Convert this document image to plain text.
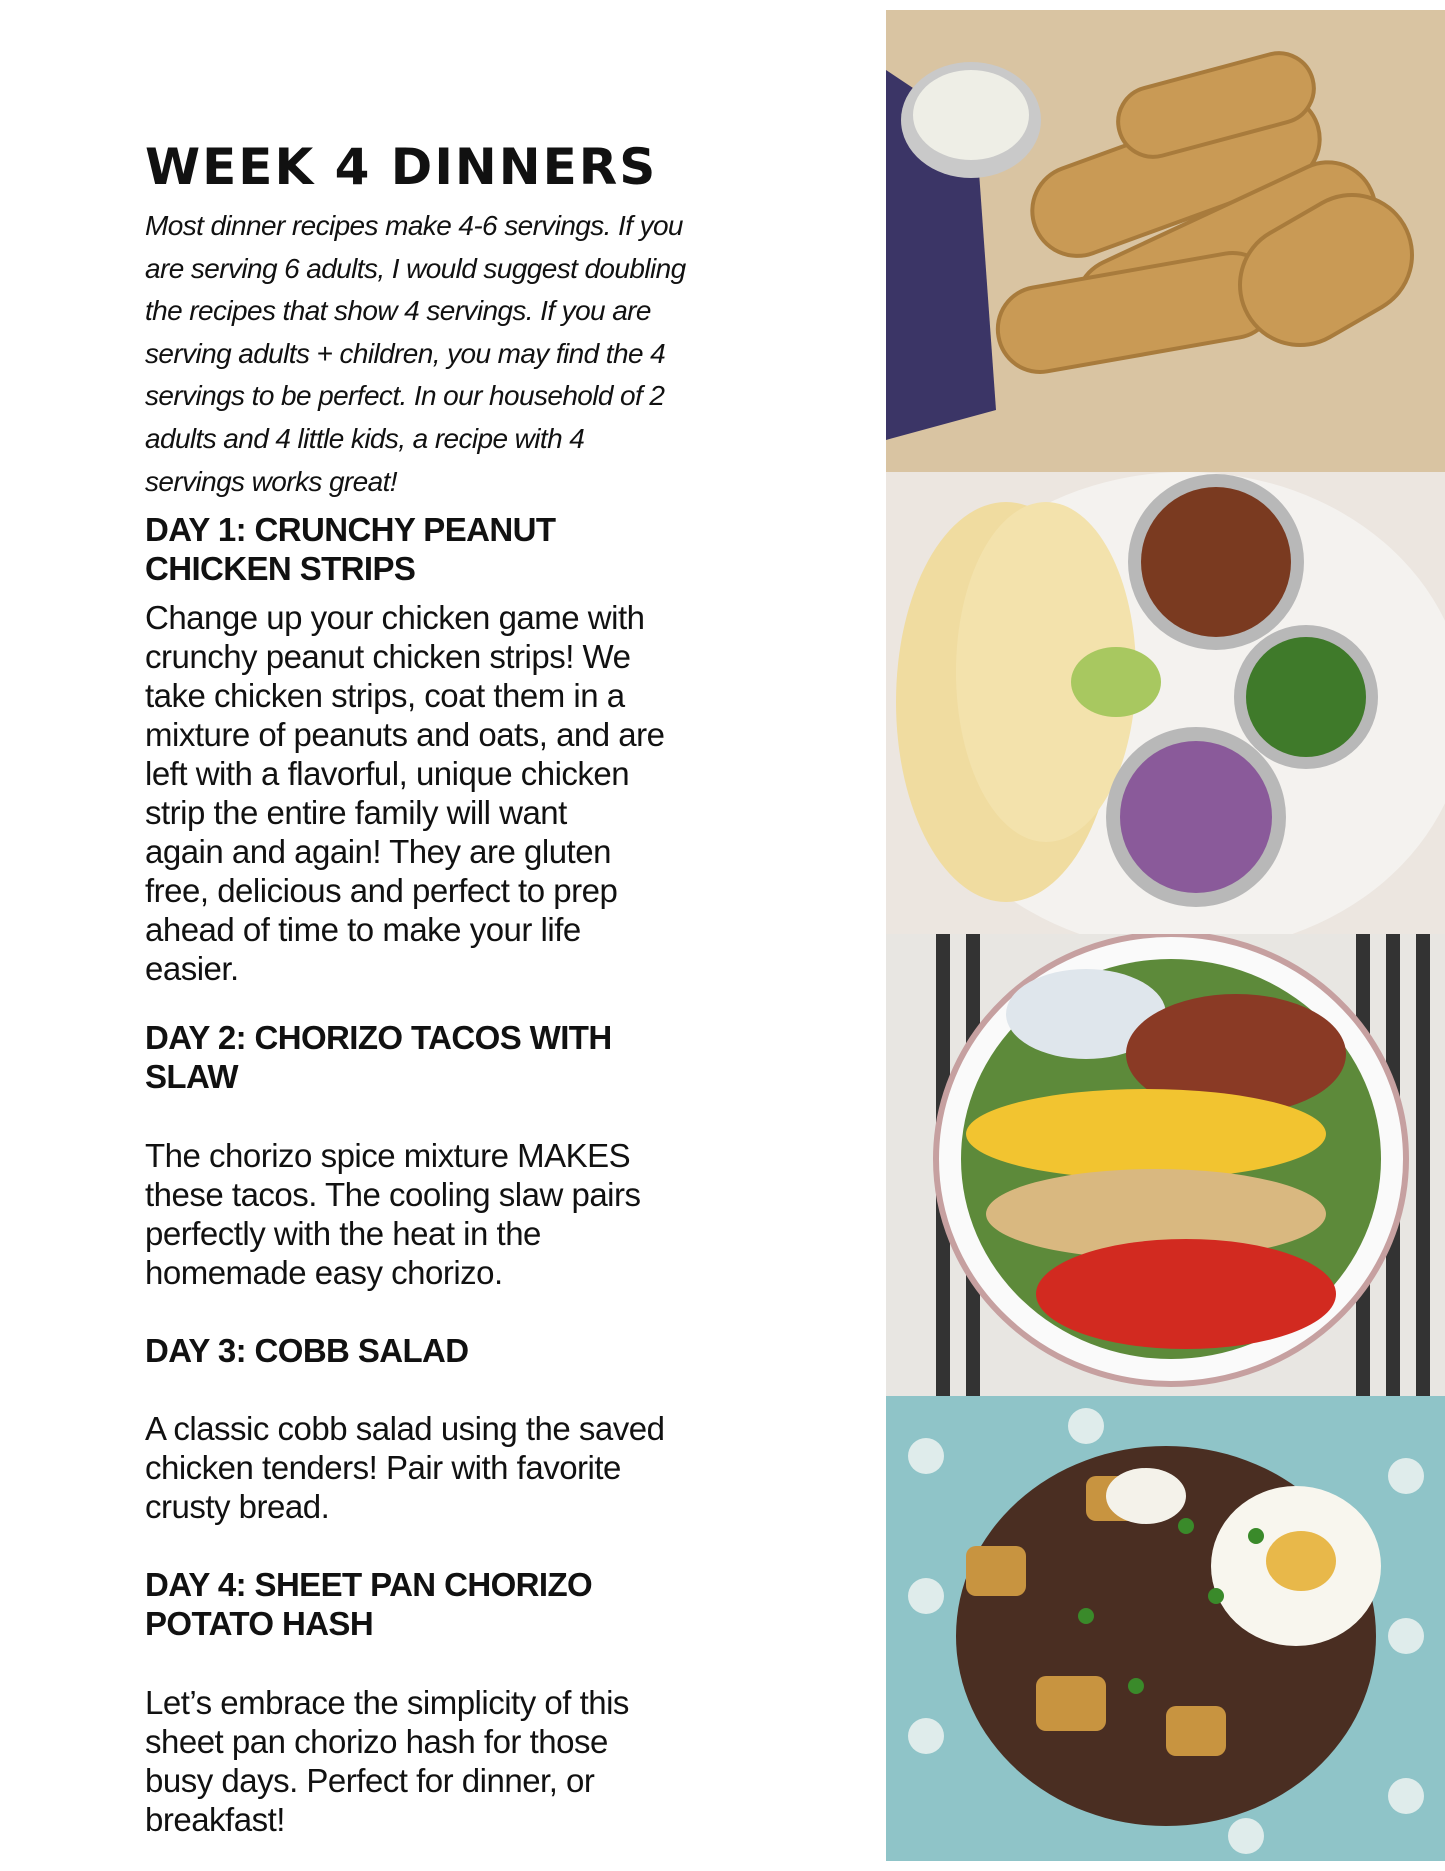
WEEK 4 DINNERS
Most dinner recipes make 4-6 servings. If you
are serving 6 adults, I would suggest doubling
the recipes that show 4 servings. If you are
serving adults + children, you may find the 4
servings to be perfect. In our household of 2
adults and 4 little kids, a recipe with 4
servings works great!
DAY 1: CRUNCHY PEANUT
CHICKEN STRIPS
Change up your chicken game with
crunchy peanut chicken strips! We
take chicken strips, coat them in a
mixture of peanuts and oats, and are
left with a flavorful, unique chicken
strip the entire family will want
again and again! They are gluten
free, delicious and perfect to prep
ahead of time to make your life
easier.
DAY 2: CHORIZO TACOS WITH
SLAW
The chorizo spice mixture MAKES
these tacos. The cooling slaw pairs
perfectly with the heat in the
homemade easy chorizo.
DAY 3: COBB SALAD
A classic cobb salad using the saved
chicken tenders! Pair with favorite
crusty bread.
DAY 4: SHEET PAN CHORIZO
POTATO HASH
Let’s embrace the simplicity of this
sheet pan chorizo hash for those
busy days. Perfect for dinner, or
breakfast!
